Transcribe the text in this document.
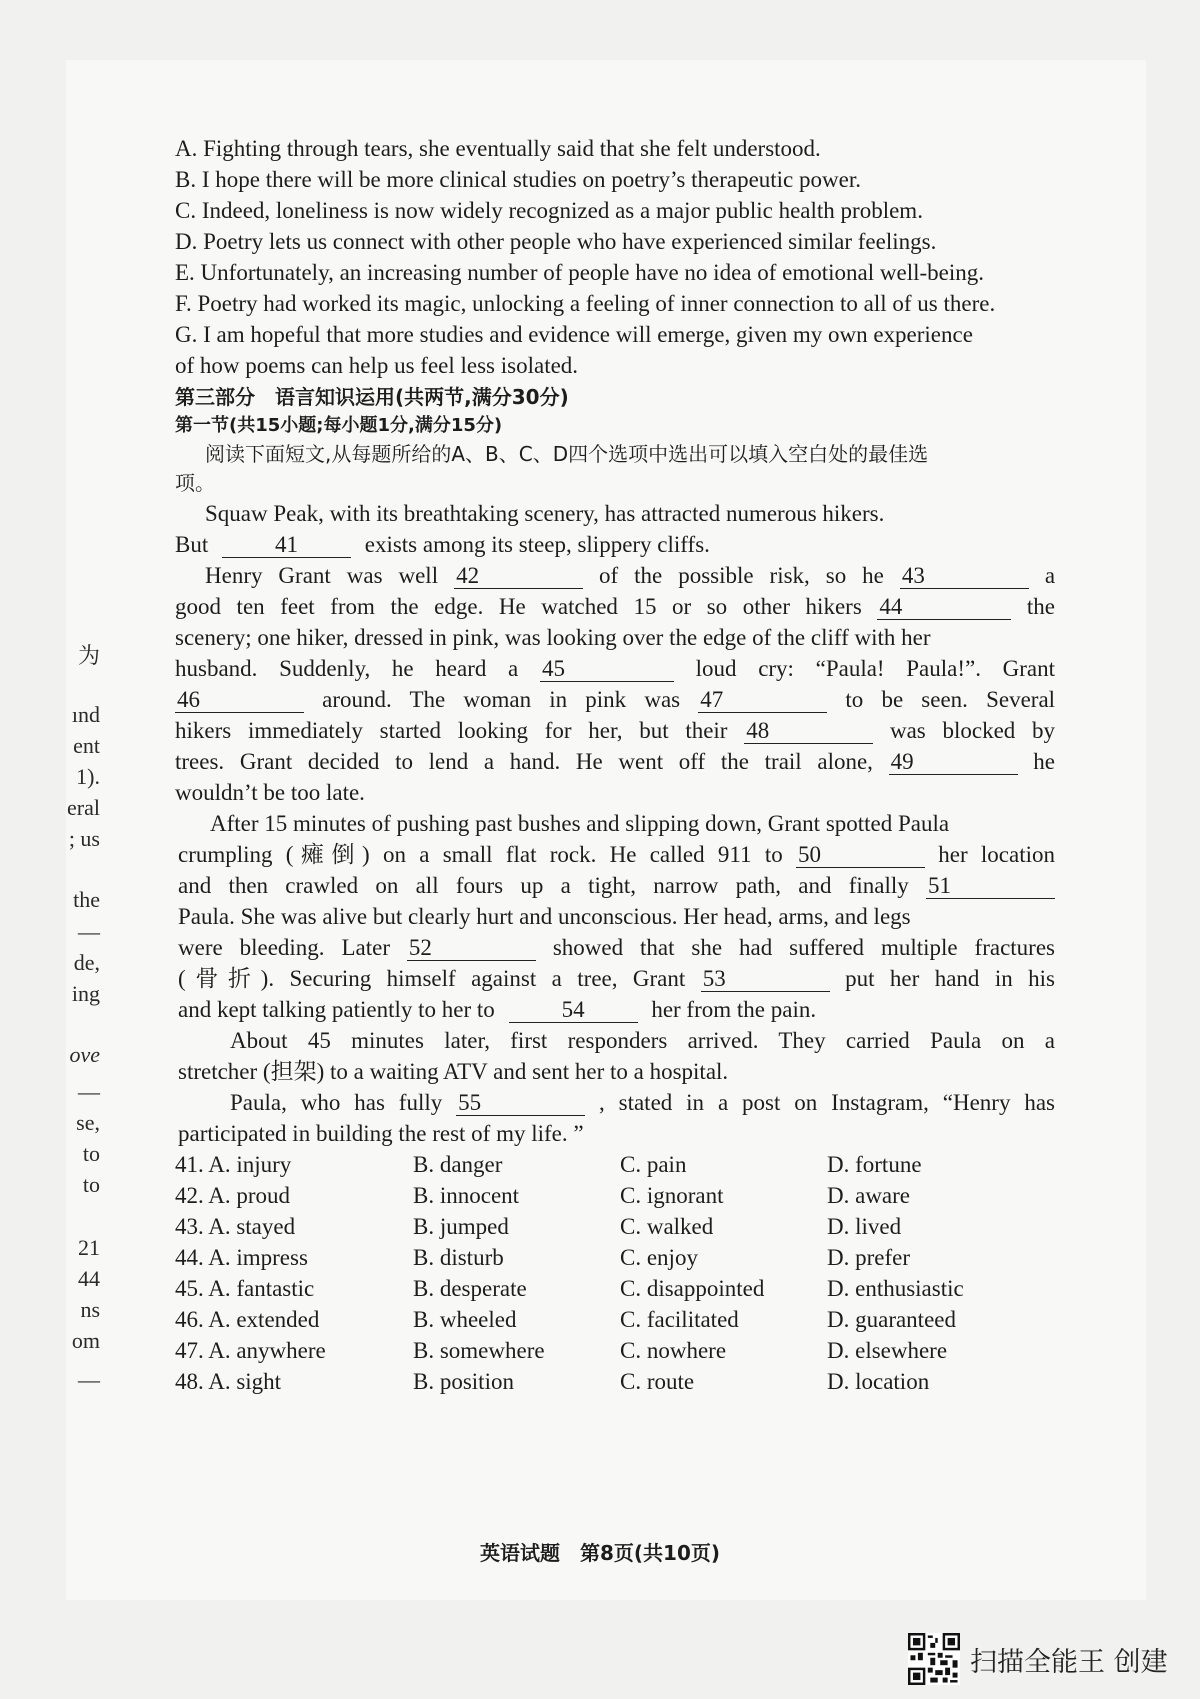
为
ınd
ent
1).
eral
; us
the
—
de,
ing
ove
—
se,
to
to
21
44
ns
om
—
A. Fighting through tears, she eventually said that she felt understood.
B. I hope there will be more clinical studies on poetry’s therapeutic power.
C. Indeed, loneliness is now widely recognized as a major public health problem.
D. Poetry lets us connect with other people who have experienced similar feelings.
E. Unfortunately, an increasing number of people have no idea of emotional well-being.
F. Poetry had worked its magic, unlocking a feeling of inner connection to all of us there.
G. I am hopeful that more studies and evidence will emerge, given my own experience
of how poems can help us feel less isolated.
第三部分　语言知识运用(共两节,满分30分)
第一节(共15小题;每小题1分,满分15分)
阅读下面短文,从每题所给的A、B、C、D四个选项中选出可以填入空白处的最佳选
项。
Squaw Peak, with its breathtaking scenery, has attracted numerous hikers.
But	41	exists among its steep, slippery cliffs.
Henry Grant was well 42	of the possible risk, so he 43	a
good ten feet from the edge. He watched 15 or so other hikers 44	the
scenery; one hiker, dressed in pink, was looking over the edge of the cliff with her
husband. Suddenly, he heard a 45	loud cry: “Paula! Paula!”. Grant
46	around. The woman in pink was 47	to be seen. Several
hikers immediately started looking for her, but their 48	was blocked by
trees. Grant decided to lend a hand. He went off the trail alone, 49	he
wouldn’t be too late.
After 15 minutes of pushing past bushes and slipping down, Grant spotted Paula
crumpling (瘫倒) on a small flat rock. He called 911 to 50	her location
and then crawled on all fours up a tight, narrow path, and finally 51
Paula. She was alive but clearly hurt and unconscious. Her head, arms, and legs
were bleeding. Later 52	showed that she had suffered multiple fractures
(骨折). Securing himself against a tree, Grant 53	put her hand in his
and kept talking patiently to her to	54	her from the pain.
About 45 minutes later, first responders arrived. They carried Paula on a
stretcher (担架) to a waiting ATV and sent her to a hospital.
Paula, who has fully 55	, stated in a post on Instagram, “Henry has
participated in building the rest of my life. ”
41. A. injury	B. danger	C. pain	D. fortune
42. A. proud	B. innocent	C. ignorant	D. aware
43. A. stayed	B. jumped	C. walked	D. lived
44. A. impress	B. disturb	C. enjoy	D. prefer
45. A. fantastic	B. desperate	C. disappointed	D. enthusiastic
46. A. extended	B. wheeled	C. facilitated	D. guaranteed
47. A. anywhere	B. somewhere	C. nowhere	D. elsewhere
48. A. sight	B. position	C. route	D. location
英语试题　第8页(共10页)
扫描全能王 创建
